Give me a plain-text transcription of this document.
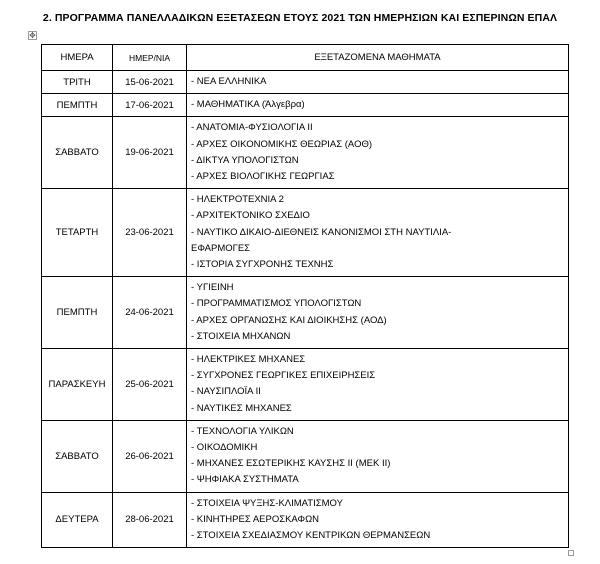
2. ΠΡΟΓΡΑΜΜΑ ΠΑΝΕΛΛΑΔΙΚΩΝ ΕΞΕΤΑΣΕΩΝ ΕΤΟΥΣ 2021 ΤΩΝ ΗΜΕΡΗΣΙΩΝ ΚΑΙ ΕΣΠΕΡΙΝΩΝ ΕΠΑΛ
✥
ΗΜΕΡΑ	ΗΜΕΡ/ΝΙΑ	ΕΞΕΤΑΖΟΜΕΝΑ ΜΑΘΗΜΑΤΑ
ΤΡΙΤΗ	15-06-2021	- ΝΕΑ ΕΛΛΗΝΙΚΑ

ΠΕΜΠΤΗ	17-06-2021	- ΜΑΘΗΜΑΤΙΚΑ (Άλγεβρα)

ΣΑΒΒΑΤΟ	19-06-2021	- ΑΝΑΤΟΜΙΑ-ΦΥΣΙΟΛΟΓΙΑ ΙΙ
- ΑΡΧΕΣ ΟΙΚΟΝΟΜΙΚΗΣ ΘΕΩΡΙΑΣ (ΑΟΘ)
- ΔΙΚΤΥΑ ΥΠΟΛΟΓΙΣΤΩΝ
- ΑΡΧΕΣ ΒΙΟΛΟΓΙΚΗΣ ΓΕΩΡΓΙΑΣ

ΤΕΤΑΡΤΗ	23-06-2021	- ΗΛΕΚΤΡΟΤΕΧΝΙΑ 2
- ΑΡΧΙΤΕΚΤΟΝΙΚΟ ΣΧΕΔΙΟ
- ΝΑΥΤΙΚΟ ΔΙΚΑΙΟ-ΔΙΕΘΝΕΙΣ ΚΑΝΟΝΙΣΜΟΙ ΣΤΗ ΝΑΥΤΙΛΙΑ-
ΕΦΑΡΜΟΓΕΣ
- ΙΣΤΟΡΙΑ ΣΥΓΧΡΟΝΗΣ ΤΕΧΝΗΣ

ΠΕΜΠΤΗ	24-06-2021	- ΥΓΙΕΙΝΗ
- ΠΡΟΓΡΑΜΜΑΤΙΣΜΟΣ ΥΠΟΛΟΓΙΣΤΩΝ
- ΑΡΧΕΣ ΟΡΓΑΝΩΣΗΣ ΚΑΙ ΔΙΟΙΚΗΣΗΣ (ΑΟΔ)
- ΣΤΟΙΧΕΙΑ ΜΗΧΑΝΩΝ

ΠΑΡΑΣΚΕΥΗ	25-06-2021	- ΗΛΕΚΤΡΙΚΕΣ ΜΗΧΑΝΕΣ
- ΣΥΓΧΡΟΝΕΣ ΓΕΩΡΓΙΚΕΣ ΕΠΙΧΕΙΡΗΣΕΙΣ
- ΝΑΥΣΙΠΛΟΪΑ ΙΙ
- ΝΑΥΤΙΚΕΣ ΜΗΧΑΝΕΣ

ΣΑΒΒΑΤΟ	26-06-2021	- ΤΕΧΝΟΛΟΓΙΑ ΥΛΙΚΩΝ
- ΟΙΚΟΔΟΜΙΚΗ
- ΜΗΧΑΝΕΣ ΕΣΩΤΕΡΙΚΗΣ ΚΑΥΣΗΣ ΙΙ (ΜΕΚ ΙΙ)
- ΨΗΦΙΑΚΑ ΣΥΣΤΗΜΑΤΑ

ΔΕΥΤΕΡΑ	28-06-2021	- ΣΤΟΙΧΕΙΑ ΨΥΞΗΣ-ΚΛΙΜΑΤΙΣΜΟΥ
- ΚΙΝΗΤΗΡΕΣ ΑΕΡΟΣΚΑΦΩΝ
- ΣΤΟΙΧΕΙΑ ΣΧΕΔΙΑΣΜΟΥ ΚΕΝΤΡΙΚΩΝ ΘΕΡΜΑΝΣΕΩΝ
